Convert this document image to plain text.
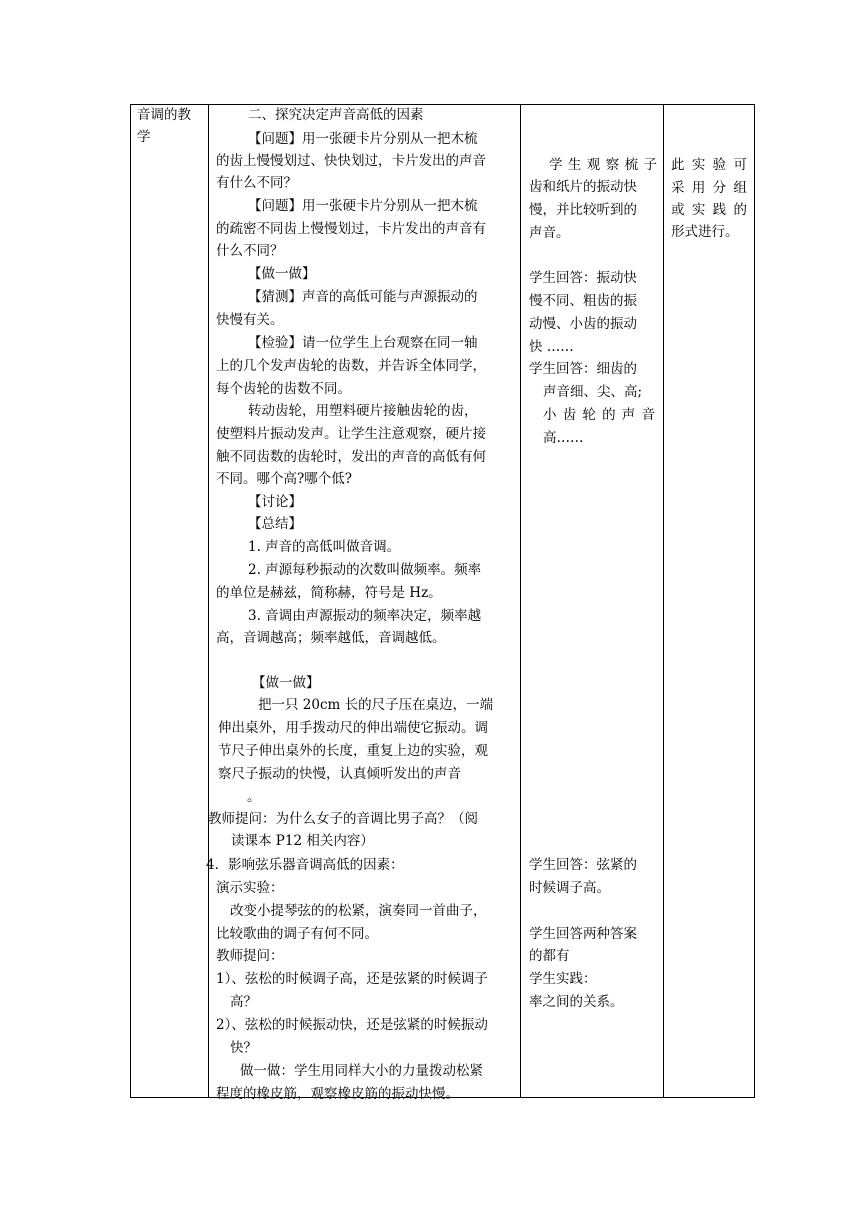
音调的教
学
二、探究决定声音高低的因素
【问题】用一张硬卡片分别从一把木梳
的齿上慢慢划过、快快划过，卡片发出的声音
有什么不同？
【问题】用一张硬卡片分别从一把木梳
的疏密不同齿上慢慢划过，卡片发出的声音有
什么不同？
【做一做】
【猜测】声音的高低可能与声源振动的
快慢有关。
【检验】请一位学生上台观察在同一轴
上的几个发声齿轮的齿数，并告诉全体同学，
每个齿轮的齿数不同。
转动齿轮，用塑料硬片接触齿轮的齿，
使塑料片振动发声。让学生注意观察，硬片接
触不同齿数的齿轮时，发出的声音的高低有何
不同。哪个高?哪个低?
【讨论】
【总结】
1. 声音的高低叫做音调。
2. 声源每秒振动的次数叫做频率。频率
的单位是赫兹，简称赫，符号是 Hz。
3. 音调由声源振动的频率决定，频率越
高，音调越高；频率越低，音调越低。
【做一做】
把一只 20cm 长的尺子压在桌边，一端
伸出桌外，用手拨动尺的伸出端使它振动。调
节尺子伸出桌外的长度，重复上边的实验，观
察尺子振动的快慢，认真倾听发出的声音
。
教师提问：为什么女子的音调比男子高？（阅
读课本 P12 相关内容）
4．影响弦乐器音调高低的因素：
演示实验：
改变小提琴弦的的松紧，演奏同一首曲子，
比较歌曲的调子有何不同。
教师提问：
1）、弦松的时候调子高，还是弦紧的时候调子
高？
2）、弦松的时候振动快，还是弦紧的时候振动
快？
做一做：学生用同样大小的力量拨动松紧
程度的橡皮筋，观察橡皮筋的振动快慢。
学生观察梳子
齿和纸片的振动快
慢，并比较听到的
声音。
学生回答：振动快
慢不同、粗齿的振
动慢、小齿的振动
快 ……
学生回答：细齿的
声音细、尖、高;
小齿轮的声音
高……
学生回答：弦紧的
时候调子高。
学生回答两种答案
的都有
学生实践：
率之间的关系。
此实验可
采用分组
或实践的
形式进行。
